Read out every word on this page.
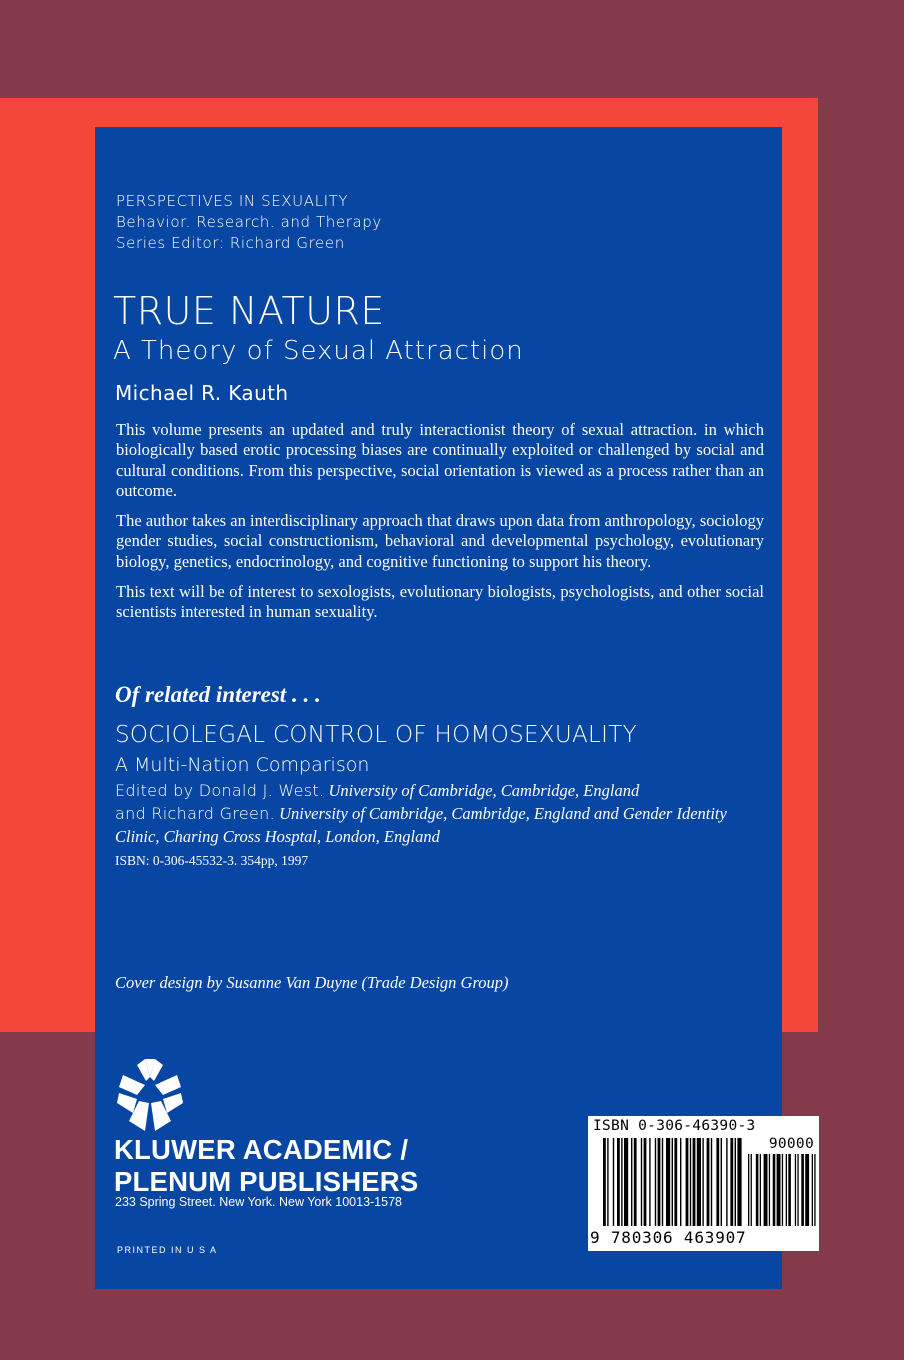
PERSPECTIVES IN SEXUALITY
Behavior. Research. and Therapy
Series Editor: Richard Green
TRUE NATURE
A Theory of Sexual Attraction
Michael R. Kauth

This volume presents an updated and truly interactionist theory of sexual attraction. in which biologically based erotic processing biases are continually exploited or challenged by social and cultural conditions. From this perspective, social orientation is viewed as a process rather than an outcome.

The author takes an interdisciplinary approach that draws upon data from anthropology, sociology gender studies, social constructionism, behavioral and developmental psychology, evolutionary biology, genetics, endocrinology, and cognitive functioning to support his theory.

This text will be of interest to sexologists, evolutionary biologists, psychologists, and other social scientists interested in human sexuality.

Of related interest . . .
SOCIOLEGAL CONTROL OF HOMOSEXUALITY
A Multi-Nation Comparison
Edited by Donald J. West. University of Cambridge, Cambridge, England
and Richard Green. University of Cambridge, Cambridge, England and Gender Identity Clinic, Charing Cross Hosptal, London, England
ISBN: 0-306-45532-3. 354pp, 1997
Cover design by Susanne Van Duyne (Trade Design Group)
KLUWER ACADEMIC /
PLENUM PUBLISHERS
233 Spring Street. New York. New York 10013-1578
PRINTED IN U S A
ISBN 0-306-46390-3
90000
9 780306 463907
